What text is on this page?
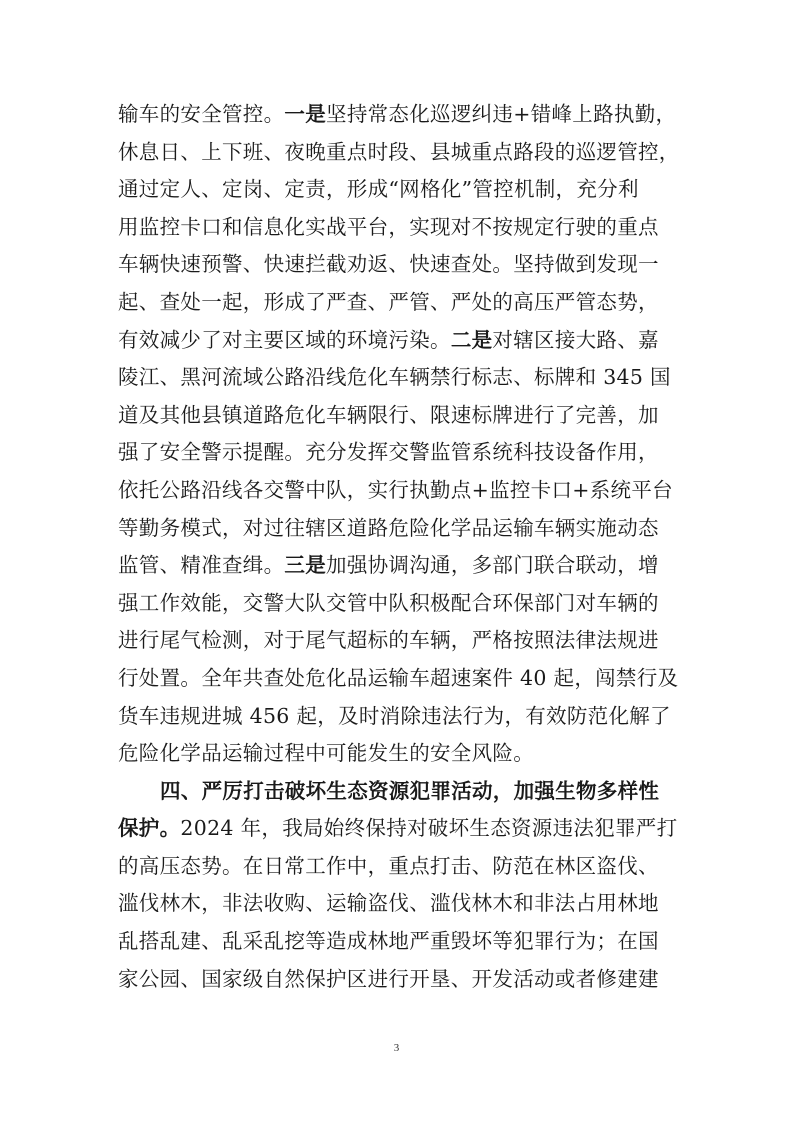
输车的安全管控。一是坚持常态化巡逻纠违+错峰上路执勤，
休息日、上下班、夜晚重点时段、县城重点路段的巡逻管控，
通过定人、定岗、定责，形成“网格化”管控机制，充分利
用监控卡口和信息化实战平台，实现对不按规定行驶的重点
车辆快速预警、快速拦截劝返、快速查处。坚持做到发现一
起、查处一起，形成了严查、严管、严处的高压严管态势，
有效减少了对主要区域的环境污染。二是对辖区接大路、嘉
陵江、黑河流域公路沿线危化车辆禁行标志、标牌和 345 国
道及其他县镇道路危化车辆限行、限速标牌进行了完善，加
强了安全警示提醒。充分发挥交警监管系统科技设备作用，
依托公路沿线各交警中队，实行执勤点+监控卡口+系统平台
等勤务模式，对过往辖区道路危险化学品运输车辆实施动态
监管、精准查缉。三是加强协调沟通，多部门联合联动，增
强工作效能，交警大队交管中队积极配合环保部门对车辆的
进行尾气检测，对于尾气超标的车辆，严格按照法律法规进
行处置。全年共查处危化品运输车超速案件 40 起，闯禁行及
货车违规进城 456 起，及时消除违法行为，有效防范化解了
危险化学品运输过程中可能发生的安全风险。
四、严厉打击破坏生态资源犯罪活动，加强生物多样性
保护。2024 年，我局始终保持对破坏生态资源违法犯罪严打
的高压态势。在日常工作中，重点打击、防范在林区盗伐、
滥伐林木，非法收购、运输盗伐、滥伐林木和非法占用林地
乱搭乱建、乱采乱挖等造成林地严重毁坏等犯罪行为；在国
家公园、国家级自然保护区进行开垦、开发活动或者修建建
3
